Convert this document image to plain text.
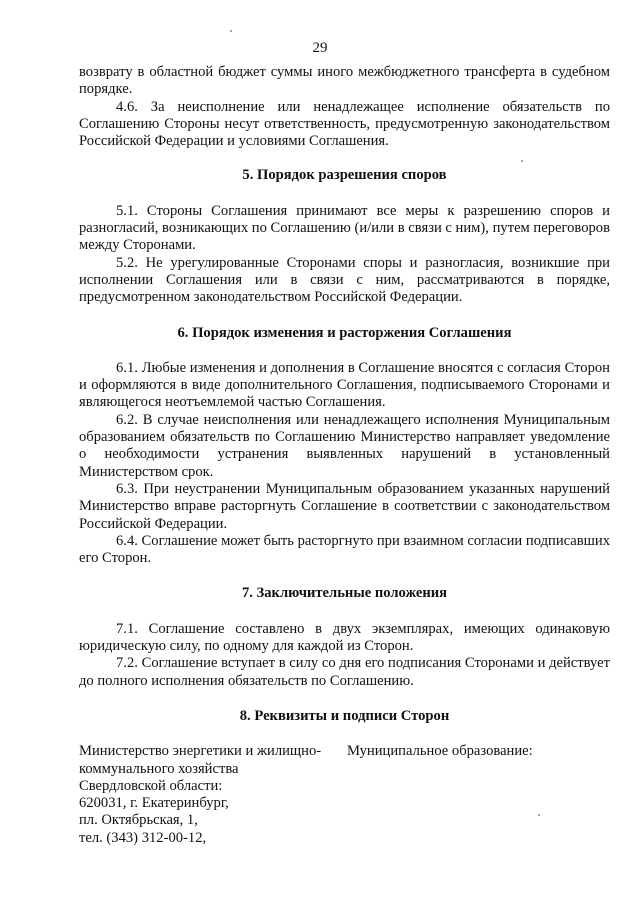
29

возврату в областной бюджет суммы иного межбюджетного трансферта в судебном порядке.

4.6. За неисполнение или ненадлежащее исполнение обязательств по Соглашению Стороны несут ответственность, предусмотренную законодательством Российской Федерации и условиями Соглашения.

5. Порядок разрешения споров

5.1. Стороны Соглашения принимают все меры к разрешению споров и разногласий, возникающих по Соглашению (и/или в связи с ним), путем переговоров между Сторонами.

5.2. Не урегулированные Сторонами споры и разногласия, возникшие при исполнении Соглашения или в связи с ним, рассматриваются в порядке, предусмотренном законодательством Российской Федерации.

6. Порядок изменения и расторжения Соглашения

6.1. Любые изменения и дополнения в Соглашение вносятся с согласия Сторон и оформляются в виде дополнительного Соглашения, подписываемого Сторонами и являющегося неотъемлемой частью Соглашения.

6.2. В случае неисполнения или ненадлежащего исполнения Муниципальным образованием обязательств по Соглашению Министерство направляет уведомление о необходимости устранения выявленных нарушений в установленный Министерством срок.

6.3. При неустранении Муниципальным образованием указанных нарушений Министерство вправе расторгнуть Соглашение в соответствии с законодательством Российской Федерации.

6.4. Соглашение может быть расторгнуто при взаимном согласии подписавших его Сторон.

7. Заключительные положения

7.1. Соглашение составлено в двух экземплярах, имеющих одинаковую юридическую силу, по одному для каждой из Сторон.

7.2. Соглашение вступает в силу со дня его подписания Сторонами и действует до полного исполнения обязательств по Соглашению.

8. Реквизиты и подписи Сторон

Министерство энергетики и жилищно-
коммунального хозяйства
Свердловской области:
620031, г. Екатеринбург,
пл. Октябрьская, 1,
тел. (343) 312-00-12,
Муниципальное образование:
